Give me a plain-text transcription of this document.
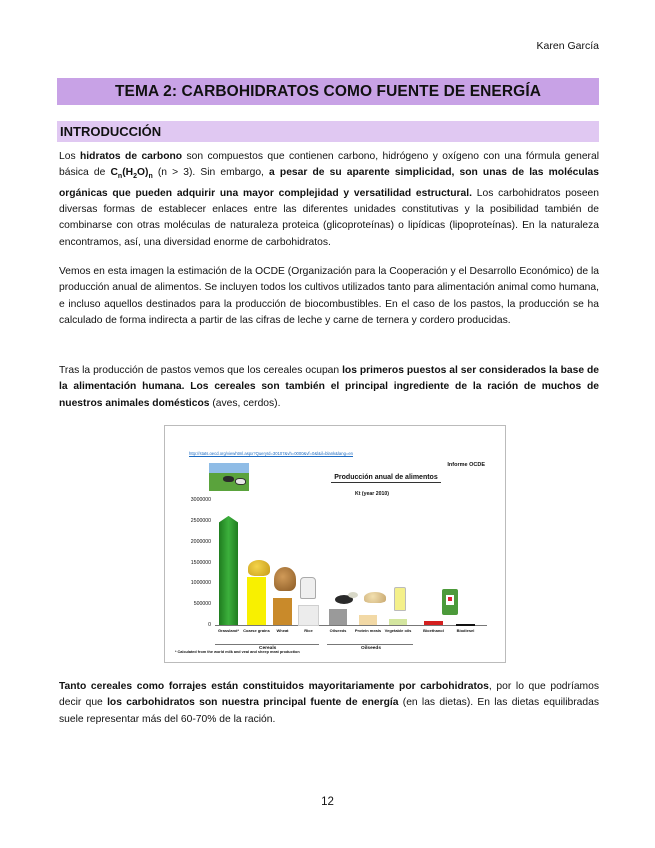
Karen García
TEMA 2: CARBOHIDRATOS COMO FUENTE DE ENERGÍA
INTRODUCCIÓN
Los hidratos de carbono son compuestos que contienen carbono, hidrógeno y oxígeno con una fórmula general básica de $C_n(H_2O)_n$ (n > 3). Sin embargo, a pesar de su aparente simplicidad, son unas de las moléculas orgánicas que pueden adquirir una mayor complejidad y versatilidad estructural. Los carbohidratos poseen diversas formas de establecer enlaces entre las diferentes unidades constitutivas y la posibilidad también de combinarse con otras moléculas de naturaleza proteica (glicoproteínas) o lipídicas (lipoproteínas). En la naturaleza encontramos, así, una diversidad enorme de carbohidratos.
Vemos en esta imagen la estimación de la OCDE (Organización para la Cooperación y el Desarrollo Económico) de la producción anual de alimentos. Se incluyen todos los cultivos utilizados tanto para alimentación animal como humana, e incluso aquellos destinados para la producción de biocombustibles. En el caso de los pastos, la producción se ha calculado de forma indirecta a partir de las cifras de leche y carne de ternera y cordero producidas.
Tras la producción de pastos vemos que los cereales ocupan los primeros puestos al ser considerados la base de la alimentación humana. Los cereales son también el principal ingrediente de la ración de muchos de nuestros animales domésticos (aves, cerdos).
http://stats.oecd.org/viewhtml.aspx?QueryId=30107&vh=0000&vf=0&l&il=blank&lang=en
Informe OCDE
Producción anual de alimentos
Kt (year 2010)
0
500000
1000000
1500000
2000000
2500000
3000000
Grassland*	Coarse grains	Wheat	Rice	Oilseeds	Protein meals Vegetable oils	Bioethanol	Biodiesel
Cereals	Oilseeds
* Calculated from the world milk and veal and sheep meat production
Tanto cereales como forrajes están constituidos mayoritariamente por carbohidratos, por lo que podríamos decir que los carbohidratos son nuestra principal fuente de energía (en las dietas). En las dietas equilibradas suele representar más del 60-70% de la ración.
12
